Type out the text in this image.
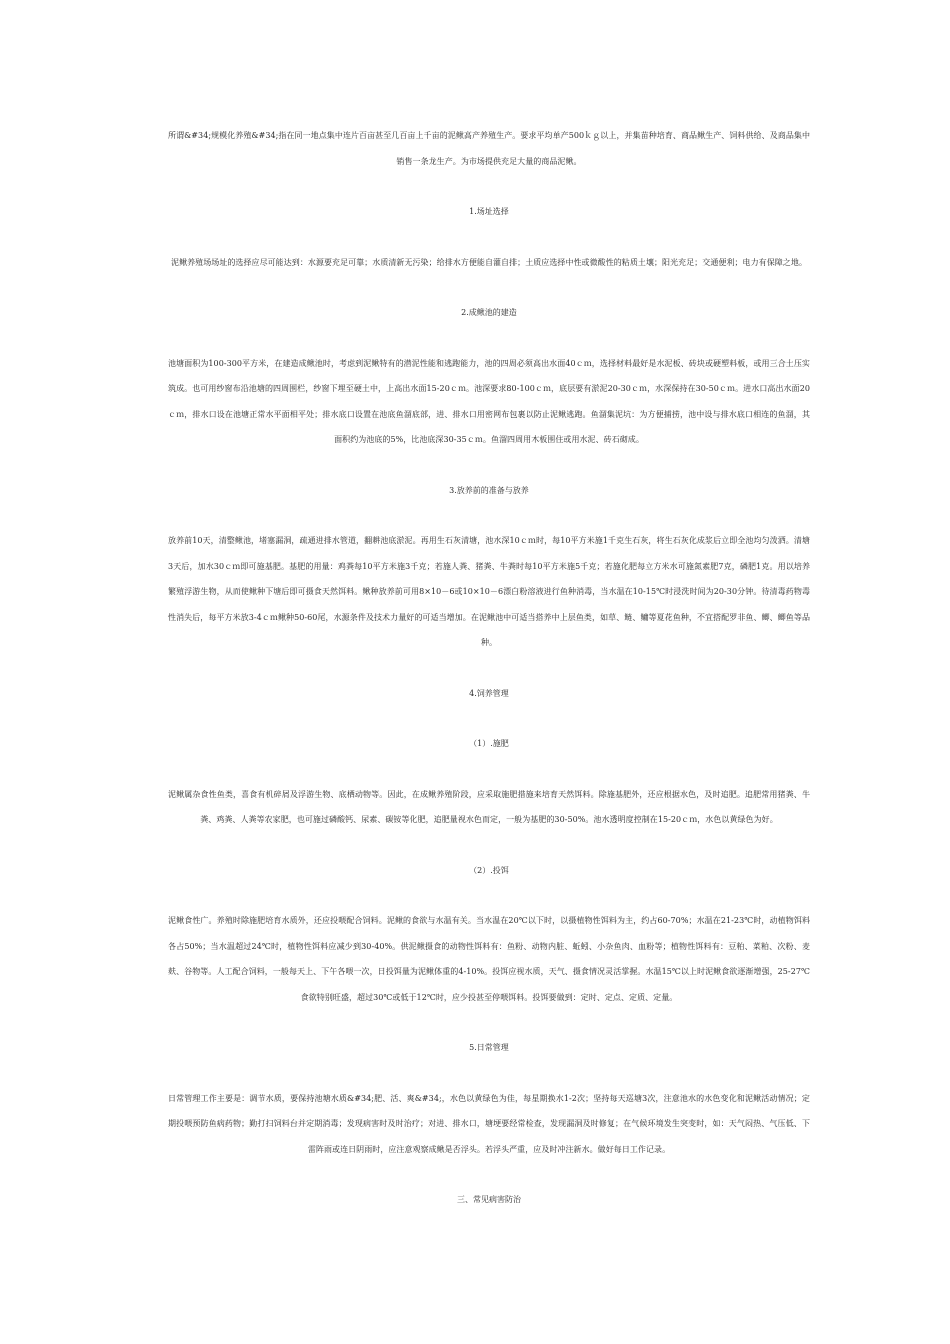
所谓&#34;规模化养殖&#34;指在同一地点集中连片百亩甚至几百亩上千亩的泥鳅高产养殖生产。要求平均单产500ｋｇ以上，并集苗种培育、商品鳅生产、饲料供给、及商品集中销售一条龙生产。为市场提供充足大量的商品泥鳅。

1.场址选择

泥鳅养殖场场址的选择应尽可能达到：水源要充足可靠；水质清新无污染；给排水方便能自灌自排；土质应选择中性或微酸性的粘质土壤；阳光充足；交通便利；电力有保障之地。

2.成鳅池的建造

池塘面积为100-300平方米，在建造成鳅池时，考虑到泥鳅特有的潜泥性能和逃跑能力，池的四周必须高出水面40ｃｍ，选择材料最好是水泥板、砖块或硬塑料板，或用三合土压实筑成。也可用纱窗布沿池塘的四周围栏，纱窗下埋至硬土中，上高出水面15-20ｃｍ。池深要求80-100ｃｍ，底层要有淤泥20-30ｃｍ，水深保持在30-50ｃｍ。进水口高出水面20ｃｍ，排水口设在池塘正常水平面相平处；排水底口设置在池底鱼溜底部，进、排水口用密网布包裹以防止泥鳅逃跑。鱼溜集泥坑：为方便捕捞，池中设与排水底口相连的鱼溜，其面积约为池底的5%，比池底深30-35ｃｍ。鱼溜四周用木板围住或用水泥、砖石砌成。

3.放养前的准备与放养

放养前10天，清整鳅池，堵塞漏洞，疏通进排水管道，翻耕池底淤泥。再用生石灰清塘，池水深10ｃｍ时，每10平方米施1千克生石灰，将生石灰化成浆后立即全池均匀泼洒。清塘3天后，加水30ｃｍ即可施基肥。基肥的用量：鸡粪每10平方米施3千克；若施人粪、猪粪、牛粪时每10平方米施5千克；若施化肥每立方米水可施氮素肥7克，磷肥1克。用以培养繁殖浮游生物，从而使鳅种下塘后即可摄食天然饵料。鳅种放养前可用8×10－6或10×10－6漂白粉溶液进行鱼种消毒，当水温在10-15℃时浸洗时间为20-30分钟。待清毒药物毒性消失后，每平方米放3-4ｃｍ鳅种50-60尾，水源条件及技术力量好的可适当增加。在泥鳅池中可适当搭养中上层鱼类，如草、鲢、鳙等夏花鱼种，不宜搭配罗非鱼、鲫、鲫鱼等品种。

4.饲养管理

（1）.施肥

泥鳅属杂食性鱼类，喜食有机碎屑及浮游生物、底栖动物等。因此，在成鳅养殖阶段，应采取施肥措施来培育天然饵料。除施基肥外，还应根据水色，及时追肥。追肥常用猪粪、牛粪、鸡粪、人粪等农家肥，也可施过磷酸钙、尿素、碳铵等化肥，追肥量视水色而定，一般为基肥的30-50%。池水透明度控制在15-20ｃｍ，水色以黄绿色为好。

（2）.投饵

泥鳅食性广。养殖时除施肥培育水质外，还应投喂配合饲料。泥鳅的食欲与水温有关。当水温在20℃以下时，以摄植物性饵料为主，约占60-70%；水温在21-23℃时，动植物饵料各占50%；当水温超过24℃时，植物性饵料应减少到30-40%。供泥鳅摄食的动物性饵料有：鱼粉、动物内脏、蚯蚓、小杂鱼肉、血粉等；植物性饵料有：豆粕、菜粕、次粉、麦麸、谷物等。人工配合饲料，一般每天上、下午各喂一次，日投饵量为泥鳅体重的4-10%。投饵应视水质，天气、摄食情况灵活掌握。水温15℃以上时泥鳅食欲逐渐增强，25-27℃食欲特别旺盛，超过30℃或低于12℃时，应少投甚至停喂饵料。投饵要做到：定时、定点、定质、定量。

5.日常管理

日常管理工作主要是：调节水质，要保持池塘水质&#34;肥、活、爽&#34;，水色以黄绿色为佳，每星期换水1-2次；坚持每天巡塘3次，注意池水的水色变化和泥鳅活动情况；定期投喂预防鱼病药物；勤打扫饲料台并定期消毒；发现病害时及时治疗；对进、排水口，塘埂要经常检查，发现漏洞及时修复；在气候环境发生突变时，如：天气闷热、气压低、下雷阵雨或连日阴雨时，应注意观察成鳅是否浮头。若浮头严重，应及时冲注新水。做好每日工作记录。

三、常见病害防治
